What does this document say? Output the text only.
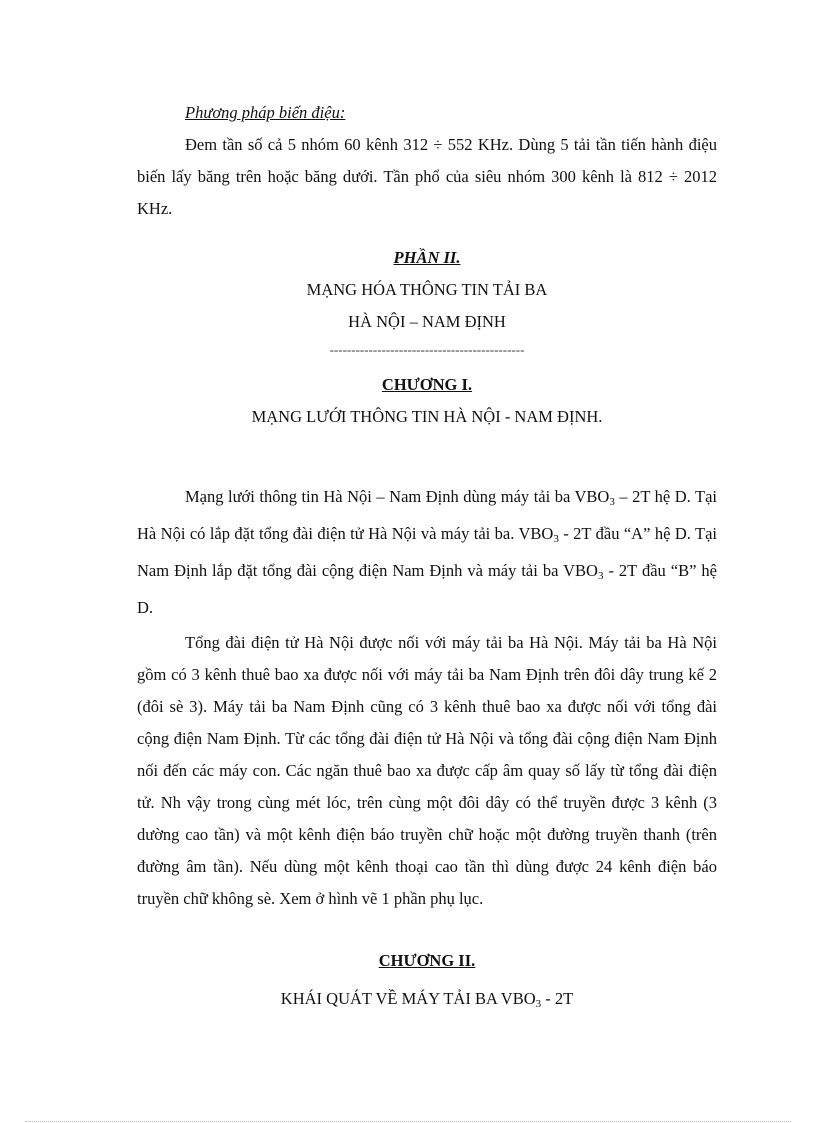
Phương pháp biến điệu:

Đem tần số cả 5 nhóm 60 kênh 312 ÷ 552 KHz. Dùng 5 tải tần tiến hành điệu biến lấy băng trên hoặc băng dưới. Tần phổ của siêu nhóm 300 kênh là 812 ÷ 2012 KHz.

PHẦN II.
MẠNG HÓA THÔNG TIN TẢI BA
HÀ NỘI – NAM ĐỊNH
---------------------------------------------
CHƯƠNG I.
MẠNG LƯỚI THÔNG TIN HÀ NỘI - NAM ĐỊNH.

Mạng lưới thông tin Hà Nội – Nam Định dùng máy tải ba $VBO_3 - 2T$ hệ D. Tại Hà Nội có lắp đặt tổng đài điện tử Hà Nội và máy tải ba. $VBO_3 - 2T$ đầu “A” hệ D. Tại Nam Định lắp đặt tổng đài cộng điện Nam Định và máy tải ba $VBO_3 - 2T$ đầu “B” hệ D.

Tổng đài điện tử Hà Nội được nối với máy tải ba Hà Nội. Máy tải ba Hà Nội gồm có 3 kênh thuê bao xa được nối với máy tải ba Nam Định trên đôi dây trung kế 2 (đôi sè 3). Máy tải ba Nam Định cũng có 3 kênh thuê bao xa được nối với tổng đài cộng điện Nam Định. Từ các tổng đài điện tử Hà Nội và tổng đài cộng điện Nam Định nối đến các máy con. Các ngăn thuê bao xa được cấp âm quay số lấy từ tổng đài điện tử. Nh vậy trong cùng mét lóc, trên cùng một đôi dây có thể truyền được 3 kênh (3 dường cao tần) và một kênh điện báo truyền chữ hoặc một đường truyền thanh (trên đường âm tần). Nếu dùng một kênh thoại cao tần thì dùng được 24 kênh điện báo truyền chữ không sè. Xem ở hình vẽ 1 phần phụ lục.

CHƯƠNG II.
KHÁI QUÁT VỀ MÁY TẢI BA $VBO_3 - 2T$
